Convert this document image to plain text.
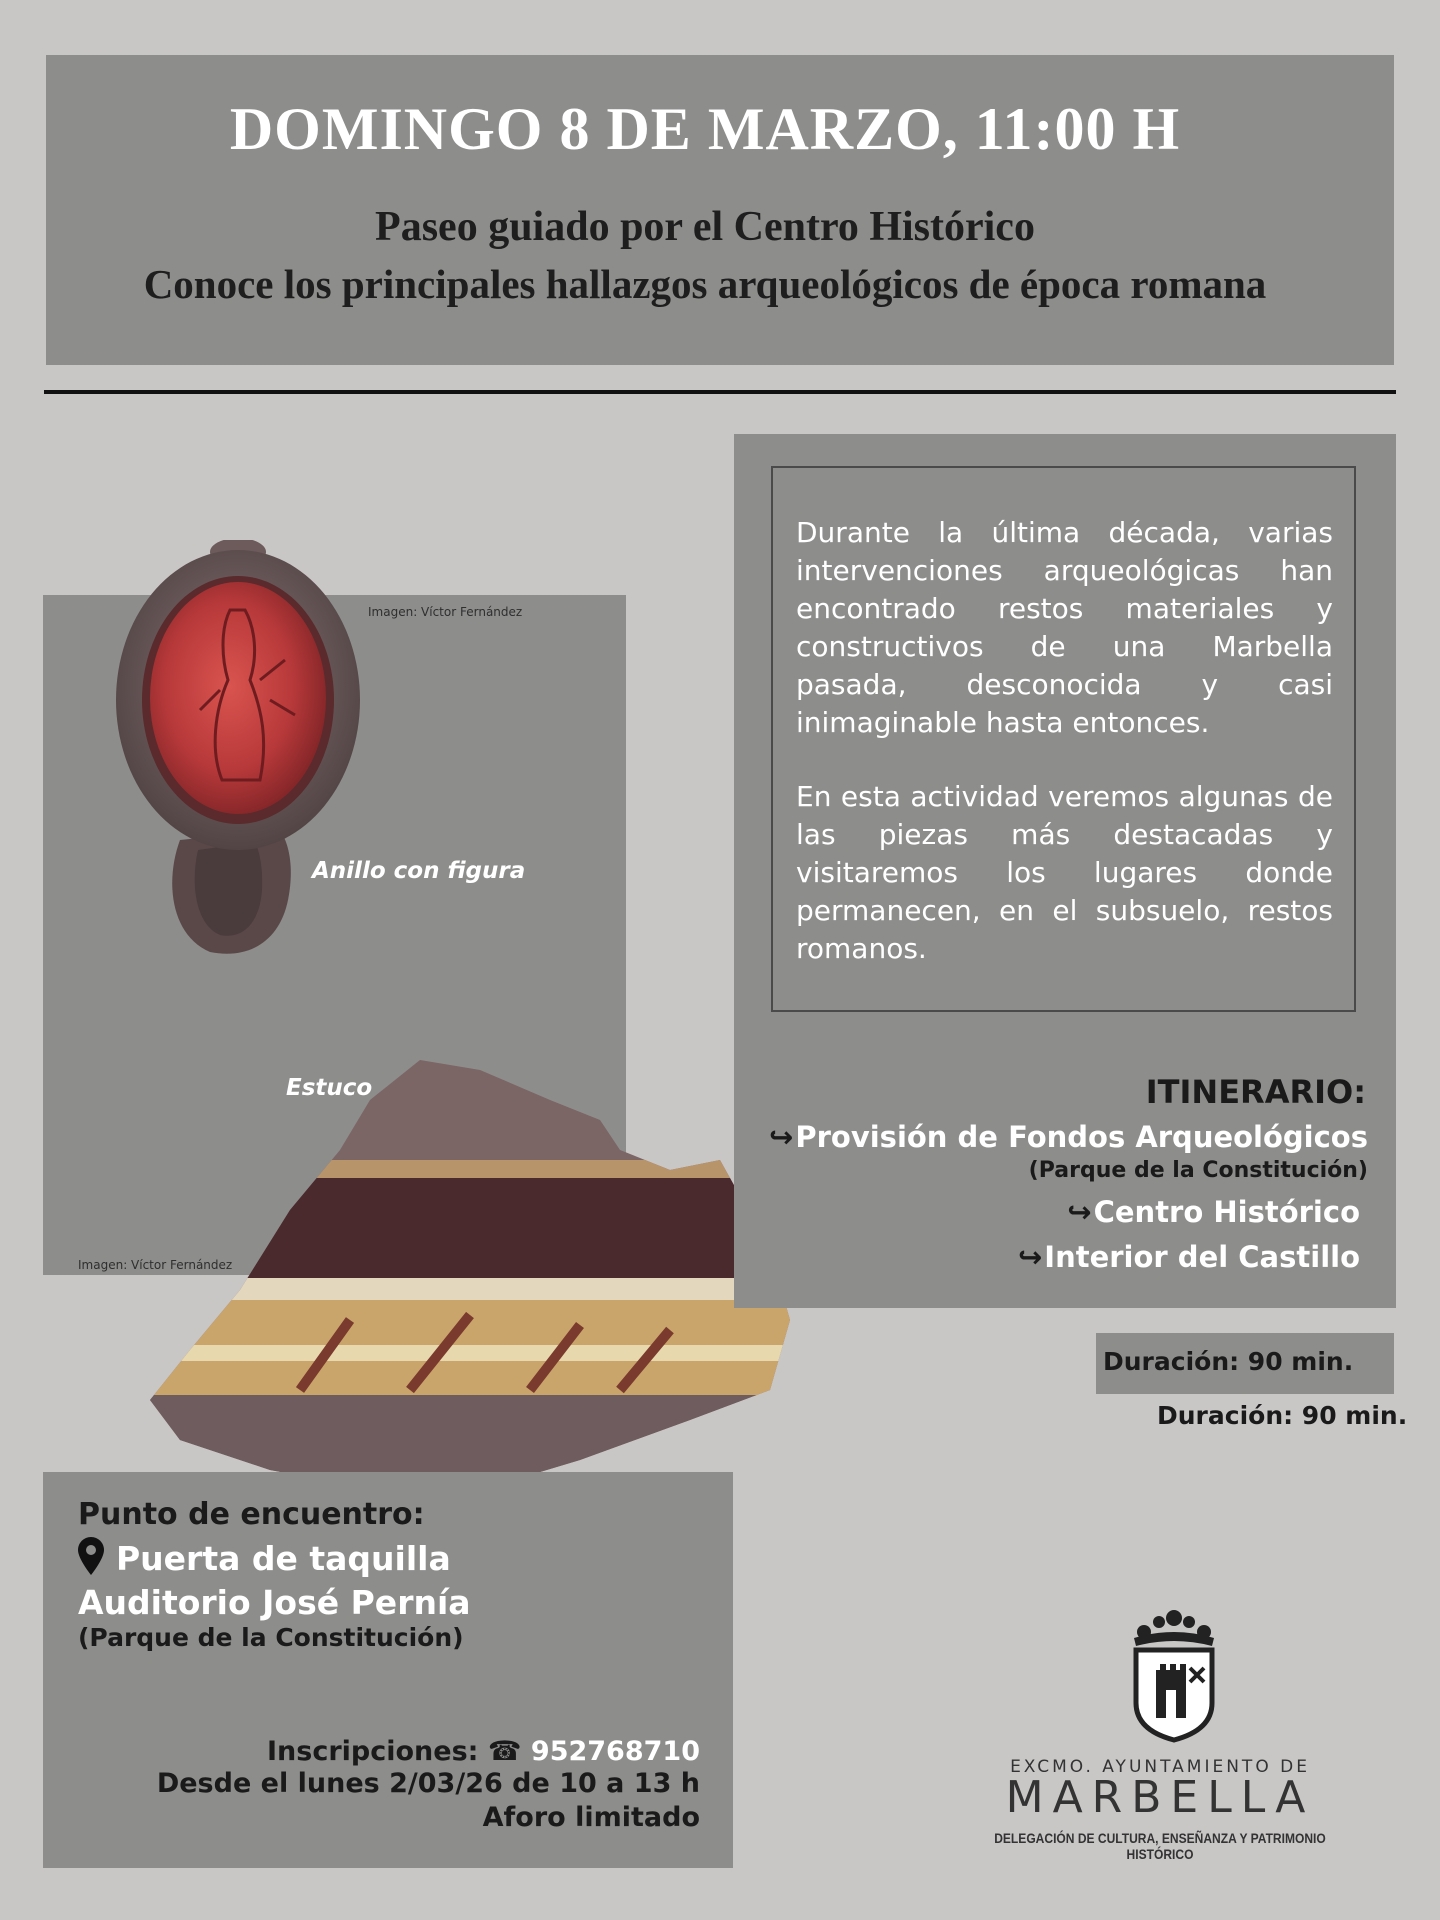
DOMINGO 8 DE MARZO, 11:00 H
Paseo guiado por el Centro Histórico
Conoce los principales hallazgos arqueológicos de época romana
Imagen: Víctor Fernández
Anillo con figura
Estuco
Imagen: Víctor Fernández
Durante la última década, varias intervenciones arqueológicas han encontrado restos materiales y constructivos de una Marbella pasada, desconocida y casi inimaginable hasta entonces.
En esta actividad veremos algunas de las piezas más destacadas y visitaremos los lugares donde permanecen, en el subsuelo, restos romanos.
ITINERARIO:
↪Provisión de Fondos Arqueológicos
(Parque de la Constitución)
↪Centro Histórico
↪Interior del Castillo
Duración: 90 min.
Duración: 90 min.
Punto de encuentro:
Puerta de taquilla
Auditorio José Pernía
(Parque de la Constitución)
Inscripciones: ☎ 952768710
Desde el lunes 2/03/26 de 10 a 13 h
Aforo limitado
EXCMO. AYUNTAMIENTO DE
MARBELLA
DELEGACIÓN DE CULTURA, ENSEÑANZA Y PATRIMONIO HISTÓRICO
